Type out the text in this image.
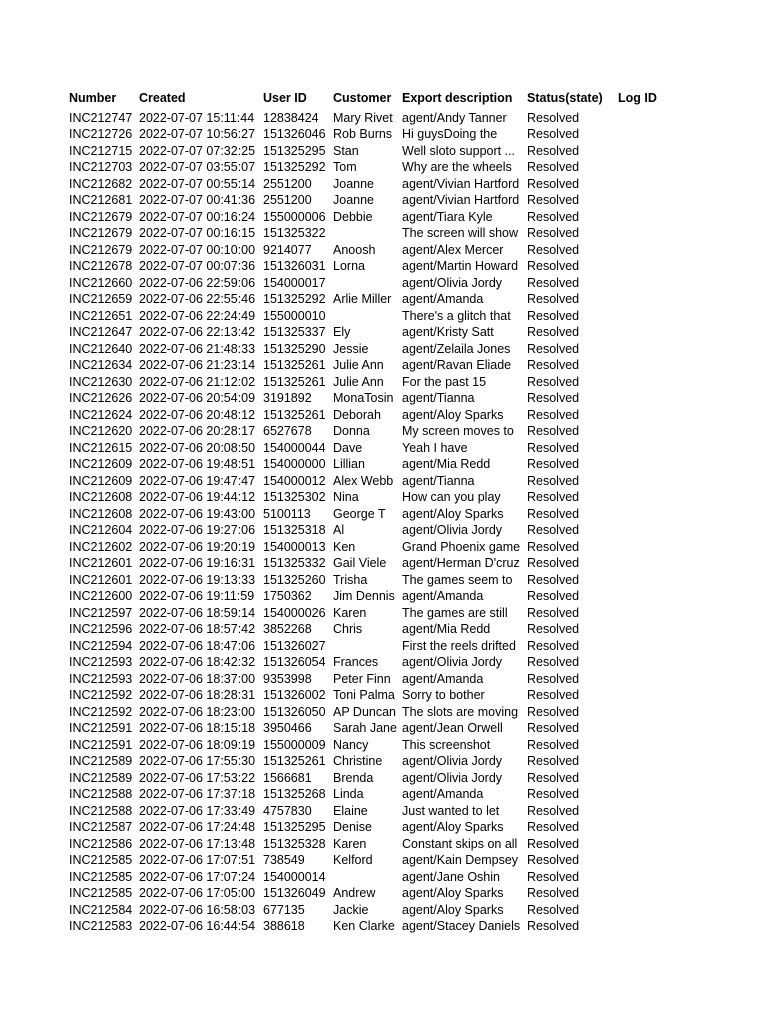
Number	Created	User ID	Customer	Export description	Status(state)	Log ID
INC212747	2022-07-07 15:11:44	12838424	Mary Rivet	agent/Andy Tanner	Resolved	
INC212726	2022-07-07 10:56:27	151326046	Rob Burns	Hi guysDoing the	Resolved	
INC212715	2022-07-07 07:32:25	151325295	Stan	Well sloto support ...	Resolved	
INC212703	2022-07-07 03:55:07	151325292	Tom	Why are the wheels	Resolved	
INC212682	2022-07-07 00:55:14	2551200	Joanne	agent/Vivian Hartford	Resolved	
INC212681	2022-07-07 00:41:36	2551200	Joanne	agent/Vivian Hartford	Resolved	
INC212679	2022-07-07 00:16:24	155000006	Debbie	agent/Tiara Kyle	Resolved	
INC212679	2022-07-07 00:16:15	151325322		The screen will show	Resolved	
INC212679	2022-07-07 00:10:00	9214077	Anoosh	agent/Alex Mercer	Resolved	
INC212678	2022-07-07 00:07:36	151326031	Lorna	agent/Martin Howard	Resolved	
INC212660	2022-07-06 22:59:06	154000017		agent/Olivia Jordy	Resolved	
INC212659	2022-07-06 22:55:46	151325292	Arlie Miller	agent/Amanda	Resolved	
INC212651	2022-07-06 22:24:49	155000010		There's a glitch that	Resolved	
INC212647	2022-07-06 22:13:42	151325337	Ely	agent/Kristy Satt	Resolved	
INC212640	2022-07-06 21:48:33	151325290	Jessie	agent/Zelaila Jones	Resolved	
INC212634	2022-07-06 21:23:14	151325261	Julie Ann	agent/Ravan Eliade	Resolved	
INC212630	2022-07-06 21:12:02	151325261	Julie Ann	For the past 15	Resolved	
INC212626	2022-07-06 20:54:09	3191892	MonaTosin	agent/Tianna	Resolved	
INC212624	2022-07-06 20:48:12	151325261	Deborah	agent/Aloy Sparks	Resolved	
INC212620	2022-07-06 20:28:17	6527678	Donna	My screen moves to	Resolved	
INC212615	2022-07-06 20:08:50	154000044	Dave	Yeah I have	Resolved	
INC212609	2022-07-06 19:48:51	154000000	Lillian	agent/Mia Redd	Resolved	
INC212609	2022-07-06 19:47:47	154000012	Alex Webb	agent/Tianna	Resolved	
INC212608	2022-07-06 19:44:12	151325302	Nina	How can you play	Resolved	
INC212608	2022-07-06 19:43:00	5100113	George T	agent/Aloy Sparks	Resolved	
INC212604	2022-07-06 19:27:06	151325318	Al	agent/Olivia Jordy	Resolved	
INC212602	2022-07-06 19:20:19	154000013	Ken	Grand Phoenix game	Resolved	
INC212601	2022-07-06 19:16:31	151325332	Gail Viele	agent/Herman D'cruz	Resolved	
INC212601	2022-07-06 19:13:33	151325260	Trisha	The games seem to	Resolved	
INC212600	2022-07-06 19:11:59	1750362	Jim Dennis	agent/Amanda	Resolved	
INC212597	2022-07-06 18:59:14	154000026	Karen	The games are still	Resolved	
INC212596	2022-07-06 18:57:42	3852268	Chris	agent/Mia Redd	Resolved	
INC212594	2022-07-06 18:47:06	151326027		First the reels drifted	Resolved	
INC212593	2022-07-06 18:42:32	151326054	Frances	agent/Olivia Jordy	Resolved	
INC212593	2022-07-06 18:37:00	9353998	Peter Finn	agent/Amanda	Resolved	
INC212592	2022-07-06 18:28:31	151326002	Toni Palma	Sorry to bother	Resolved	
INC212592	2022-07-06 18:23:00	151326050	AP Duncan	The slots are moving	Resolved	
INC212591	2022-07-06 18:15:18	3950466	Sarah Jane	agent/Jean Orwell	Resolved	
INC212591	2022-07-06 18:09:19	155000009	Nancy	This screenshot	Resolved	
INC212589	2022-07-06 17:55:30	151325261	Christine	agent/Olivia Jordy	Resolved	
INC212589	2022-07-06 17:53:22	1566681	Brenda	agent/Olivia Jordy	Resolved	
INC212588	2022-07-06 17:37:18	151325268	Linda	agent/Amanda	Resolved	
INC212588	2022-07-06 17:33:49	4757830	Elaine	Just wanted to let	Resolved	
INC212587	2022-07-06 17:24:48	151325295	Denise	agent/Aloy Sparks	Resolved	
INC212586	2022-07-06 17:13:48	151325328	Karen	Constant skips on all	Resolved	
INC212585	2022-07-06 17:07:51	738549	Kelford	agent/Kain Dempsey	Resolved	
INC212585	2022-07-06 17:07:24	154000014		agent/Jane Oshin	Resolved	
INC212585	2022-07-06 17:05:00	151326049	Andrew	agent/Aloy Sparks	Resolved	
INC212584	2022-07-06 16:58:03	677135	Jackie	agent/Aloy Sparks	Resolved	
INC212583	2022-07-06 16:44:54	388618	Ken Clarke	agent/Stacey Daniels	Resolved	
